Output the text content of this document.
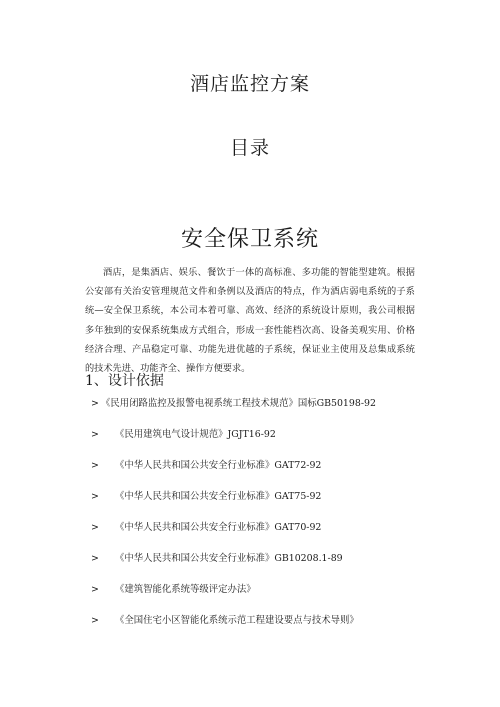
酒店监控方案
目录
安全保卫系统

酒店，是集酒店、娱乐、餐饮于一体的高标准、多功能的智能型建筑。根据公安部有关治安管理规范文件和条例以及酒店的特点，作为酒店弱电系统的子系统—安全保卫系统，本公司本着可靠、高效、经济的系统设计原则，我公司根据多年独到的安保系统集成方式组合，形成一套性能档次高、设备美观实用、价格经济合理、产品稳定可靠、功能先进优越的子系统，保证业主使用及总集成系统的技术先进、功能齐全、操作方便要求。

1、设计依据
> 《民用闭路监控及报警电视系统工程技术规范》国标GB50198-92
> 《民用建筑电气设计规范》JGJT16-92
> 《中华人民共和国公共安全行业标准》GAT72-92
> 《中华人民共和国公共安全行业标准》GAT75-92
> 《中华人民共和国公共安全行业标准》GAT70-92
> 《中华人民共和国公共安全行业标准》GB10208.1-89
> 《建筑智能化系统等级评定办法》
> 《全国住宅小区智能化系统示范工程建设要点与技术导则》
